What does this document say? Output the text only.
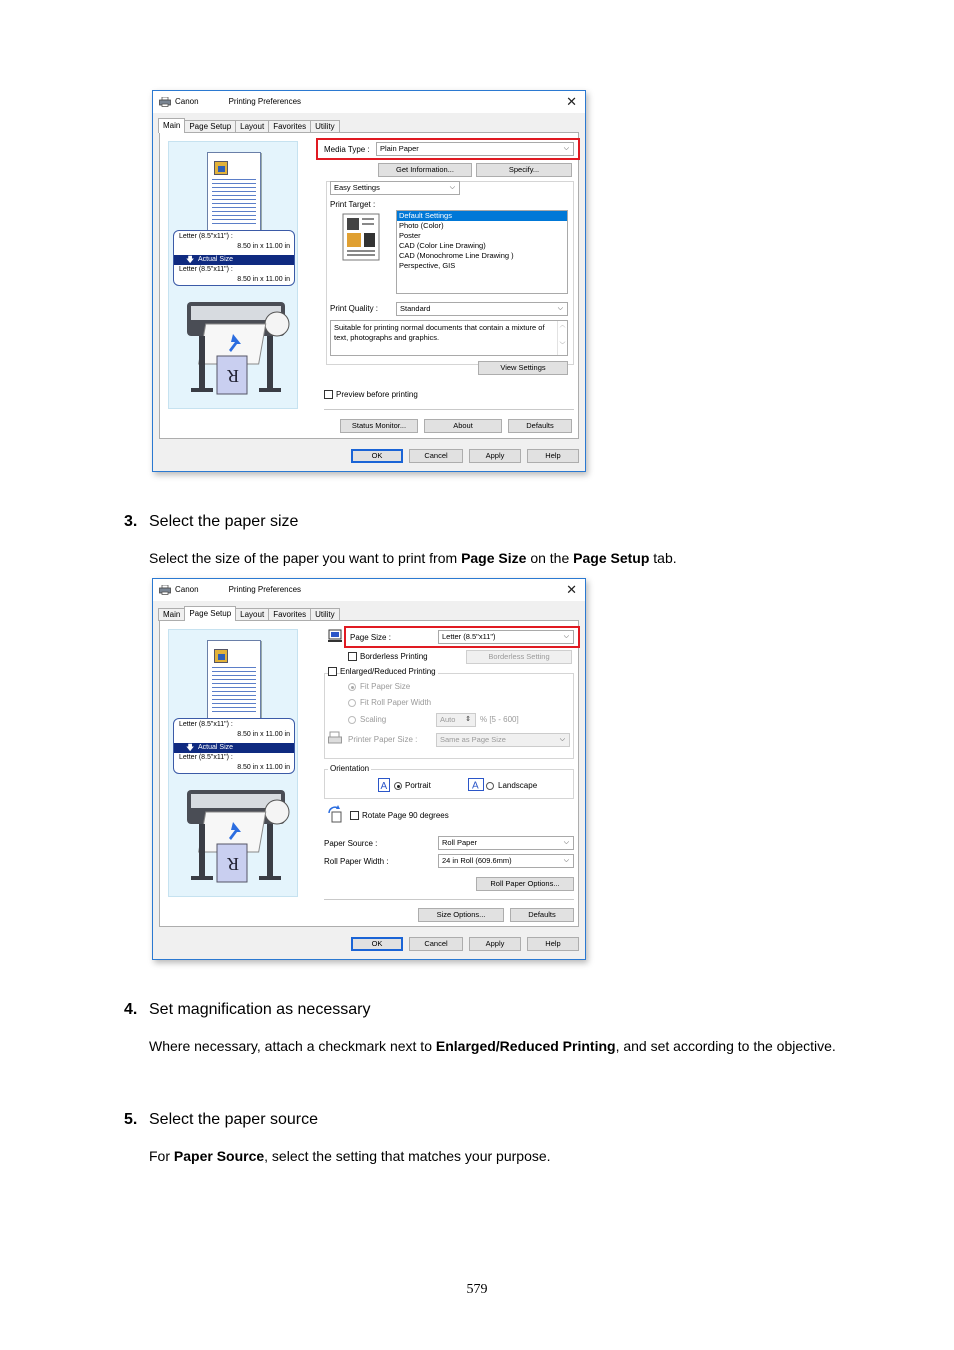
Canon	Printing Preferences	✕
Main	Page Setup	Layout	Favorites	Utility
Letter (8.5"x11") :
8.50 in x 11.00 in
🡇 Actual Size
Letter (8.5"x11") :
8.50 in x 11.00 in
R
Media Type :	Plain Paper	⌵
Get Information...	Specify...
Easy Settings	⌵
Print Target :
Default Settings
Photo (Color)
Poster
CAD (Color Line Drawing)
CAD (Monochrome Line Drawing )
Perspective, GIS
Print Quality :	Standard	⌵
Suitable for printing normal documents that contain a mixture of text, photographs and graphics.
︿

﹀
View Settings
Preview before printing
Status Monitor...	About	Defaults
OK	Cancel	Apply	Help
3. Select the paper size
Select the size of the paper you want to print from Page Size on the Page Setup tab.
Canon	Printing Preferences	✕
Main	Page Setup	Layout	Favorites	Utility
Letter (8.5"x11") :
8.50 in x 11.00 in
🡇 Actual Size
Letter (8.5"x11") :
8.50 in x 11.00 in
R
Page Size :	Letter (8.5"x11")	⌵
Borderless Printing	Borderless Setting
Enlarged/Reduced Printing
Fit Paper Size
Fit Roll Paper Width
Scaling	Auto ⇕ % [5 - 600]
Printer Paper Size :	Same as Page Size	⌵
Orientation
A Portrait	A Landscape
Rotate Page 90 degrees
Paper Source :	Roll Paper	⌵
Roll Paper Width :	24 in Roll (609.6mm)	⌵
Roll Paper Options...
Size Options...	Defaults
OK	Cancel	Apply	Help
4. Set magnification as necessary
Where necessary, attach a checkmark next to Enlarged/Reduced Printing, and set according to the objective.
5. Select the paper source
For Paper Source, select the setting that matches your purpose.
579
